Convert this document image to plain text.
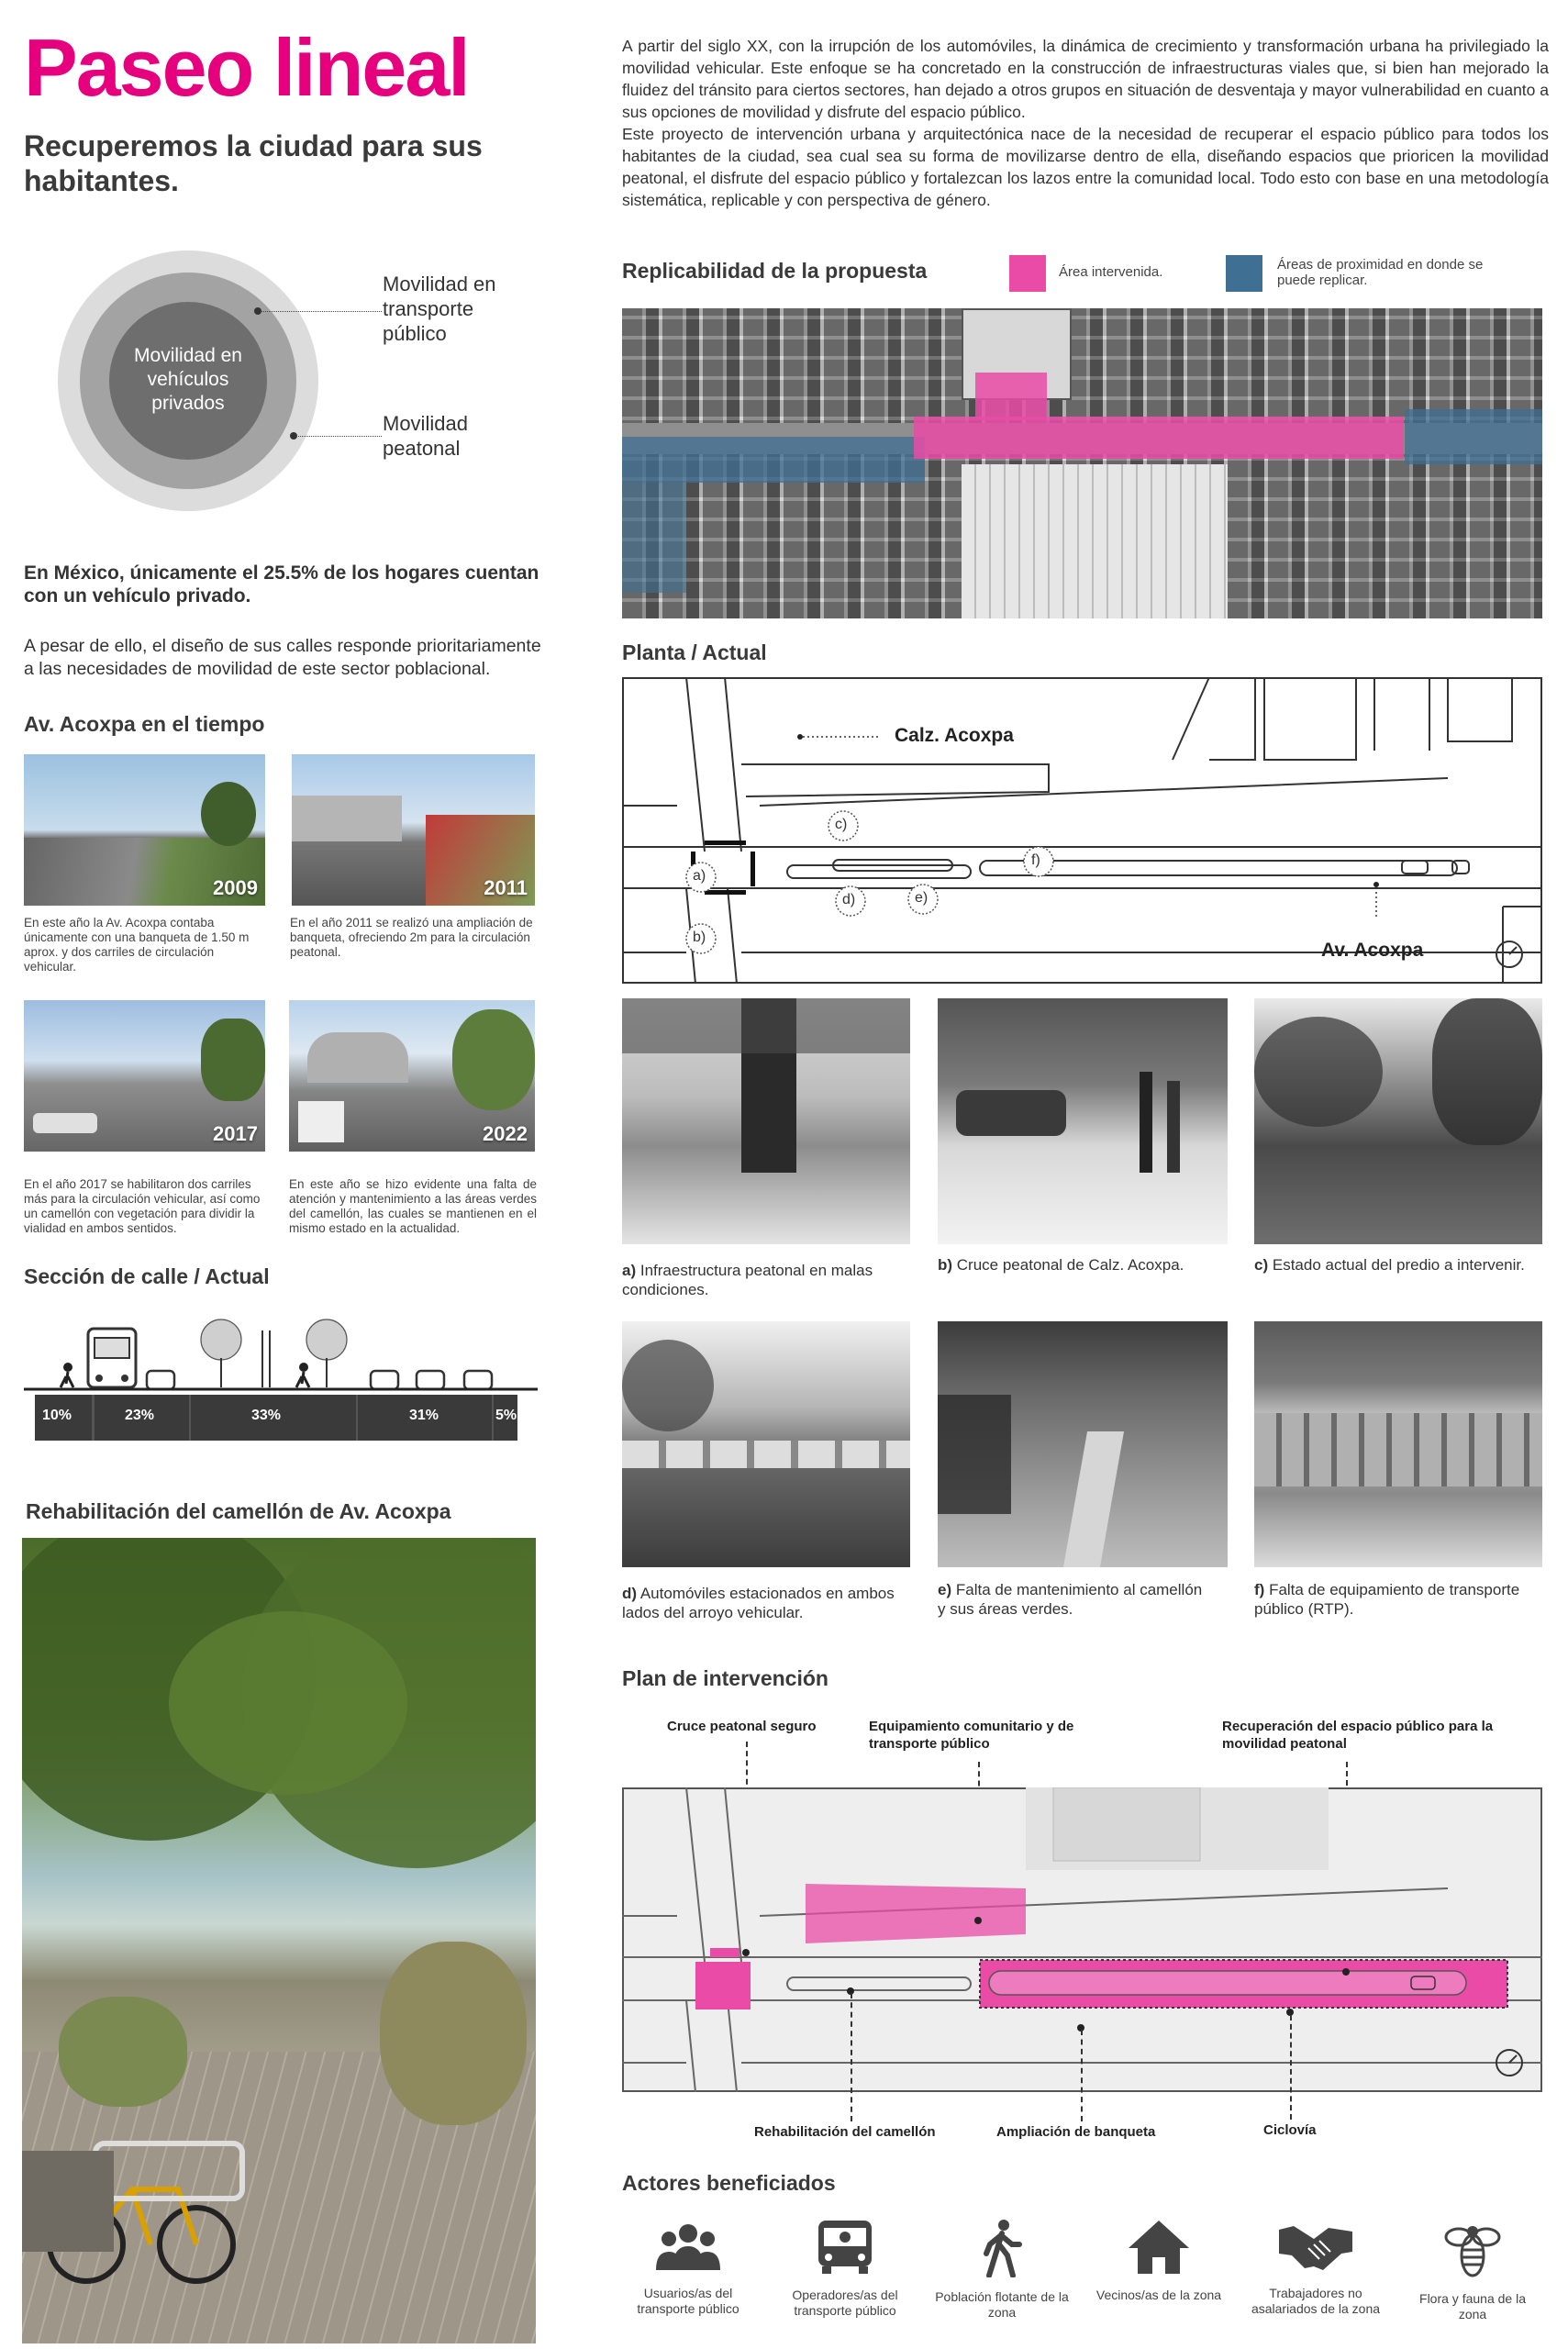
Paseo lineal
Recuperemos la ciudad para sus habitantes.
Movilidad en vehículos privados
Movilidad en transporte público
Movilidad peatonal
En México, únicamente el 25.5% de los hogares cuentan con un vehículo privado.
A pesar de ello, el diseño de sus calles responde prioritariamente a las necesidades de movilidad de este sector poblacional.
Av. Acoxpa en el tiempo
2009	2011
En este año la Av. Acoxpa contaba únicamente con una banqueta de 1.50 m aprox. y dos carriles de circulación vehicular.
En el año 2011 se realizó una ampliación de banqueta, ofreciendo 2m para la circulación peatonal.
2017	2022
En el año 2017 se habilitaron dos carriles más para la circulación vehicular, así como un camellón con vegetación para dividir la vialidad en ambos sentidos.
En este año se hizo evidente una falta de atención y mantenimiento a las áreas verdes del camellón, las cuales se mantienen en el mismo estado en la actualidad.
Sección de calle / Actual
10%	23%	33%	31%	5%
Rehabilitación del camellón de Av. Acoxpa
A partir del siglo XX, con la irrupción de los automóviles, la dinámica de crecimiento y transformación urbana ha privilegiado la movilidad vehicular. Este enfoque se ha concretado en la construcción de infraestructuras viales que, si bien han mejorado la fluidez del tránsito para ciertos sectores, han dejado a otros grupos en situación de desventaja y mayor vulnerabilidad en cuanto a sus opciones de movilidad y disfrute del espacio público.
Este proyecto de intervención urbana y arquitectónica nace de la necesidad de recuperar el espacio público para todos los habitantes de la ciudad, sea cual sea su forma de movilizarse dentro de ella, diseñando espacios que prioricen la movilidad peatonal, el disfrute del espacio público y fortalezcan los lazos entre la comunidad local. Todo esto con base en una metodología sistemática, replicable y con perspectiva de género.
Replicabilidad de la propuesta	Área intervenida.	Áreas de proximidad en donde se puede replicar.
Planta / Actual
Calz. Acoxpa
Av. Acoxpa
a)
b)
c)
d)	e)
f)
a) Infraestructura peatonal en malas condiciones.
b) Cruce peatonal de Calz. Acoxpa.	c) Estado actual del predio a intervenir.
d) Automóviles estacionados en ambos lados del arroyo vehicular.
e) Falta de mantenimiento al camellón y sus áreas verdes.
f) Falta de equipamiento de transporte público (RTP).
Plan de intervención
Cruce peatonal seguro	Equipamiento comunitario y de transporte público
Recuperación del espacio público para la movilidad peatonal
Rehabilitación del camellón	Ampliación de banqueta	Ciclovía
Actores beneficiados
Usuarios/as del transporte público
Operadores/as del transporte público
Población flotante de la zona
Vecinos/as de la zona	Trabajadores no asalariados de la zona
Flora y fauna de la zona
